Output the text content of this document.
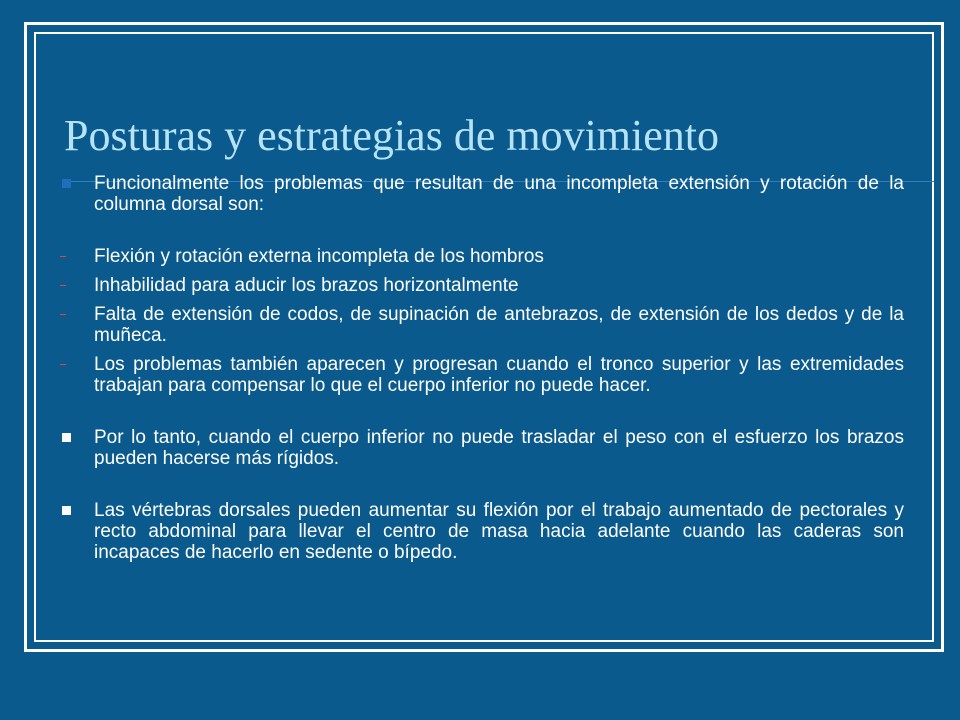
Posturas y estrategias de movimiento
Funcionalmente los problemas que resultan de una incompleta extensión y rotación de la columna dorsal son:
Flexión y rotación externa incompleta de los hombros
Inhabilidad para aducir los brazos horizontalmente
Falta de extensión de codos, de supinación de antebrazos, de extensión de los dedos y de la muñeca.
Los problemas también aparecen y progresan cuando el tronco superior y las extremidades trabajan para compensar lo que el cuerpo inferior no puede hacer.
Por lo tanto, cuando el cuerpo inferior no puede trasladar el peso con el esfuerzo los brazos pueden hacerse más rígidos.
Las vértebras dorsales pueden aumentar su flexión por el trabajo aumentado de pectorales y recto abdominal para llevar el centro de masa hacia adelante cuando las caderas son incapaces de hacerlo en sedente o bípedo.
